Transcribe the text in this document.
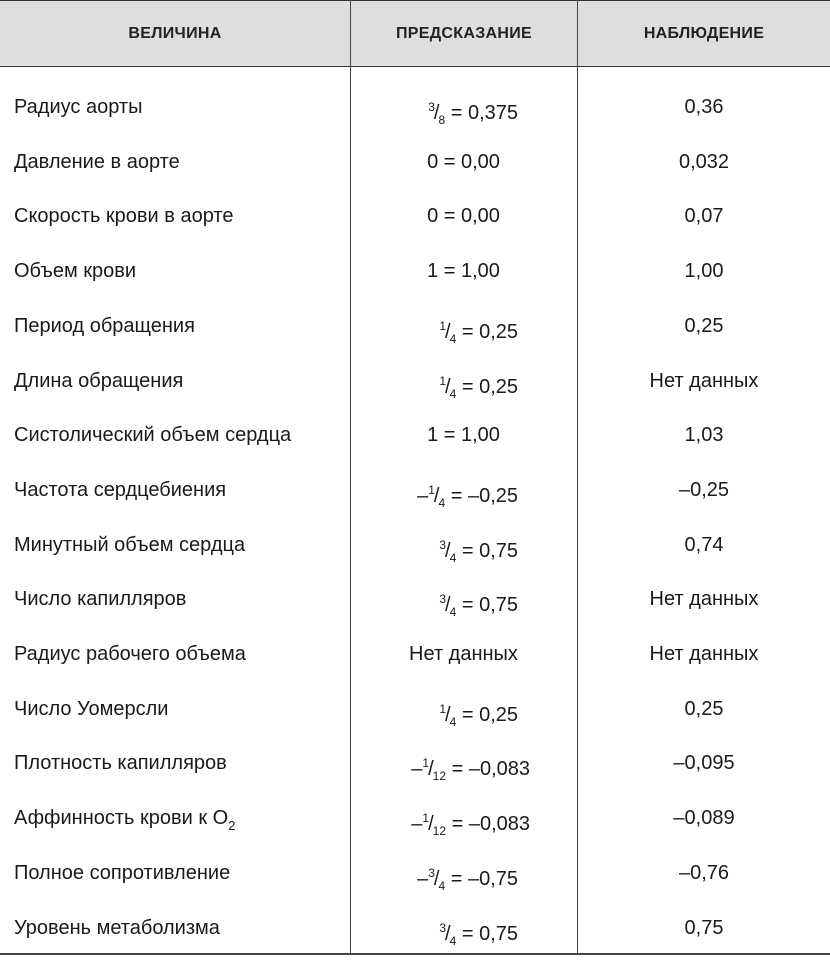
ВЕЛИЧИНА	ПРЕДСКАЗАНИЕ	НАБЛЮДЕНИЕ
Радиус аорты	$^3/_8 = 0,375$	0,36
Давление в аорте	0 = 0,00	0,032
Скорость крови в аорте	0 = 0,00	0,07
Объем крови	1 = 1,00	1,00
Период обращения	$^1/_4 = 0,25$	0,25
Длина обращения	$^1/_4 = 0,25$	Нет данных
Систолический объем сердца	1 = 1,00	1,03
Частота сердцебиения	$-^1/_4 = -0,25$	–0,25
Минутный объем сердца	$^3/_4 = 0,75$	0,74
Число капилляров	$^3/_4 = 0,75$	Нет данных
Радиус рабочего объема	Нет данных	Нет данных
Число Уомерсли	$^1/_4 = 0,25$	0,25
Плотность капилляров	$-^1/_{12} = -0,083$	–0,095
Аффинность крови к $O_2$	$-^1/_{12} = -0,083$	–0,089
Полное сопротивление	$-^3/_4 = -0,75$	–0,76
Уровень метаболизма	$^3/_4 = 0,75$	0,75
